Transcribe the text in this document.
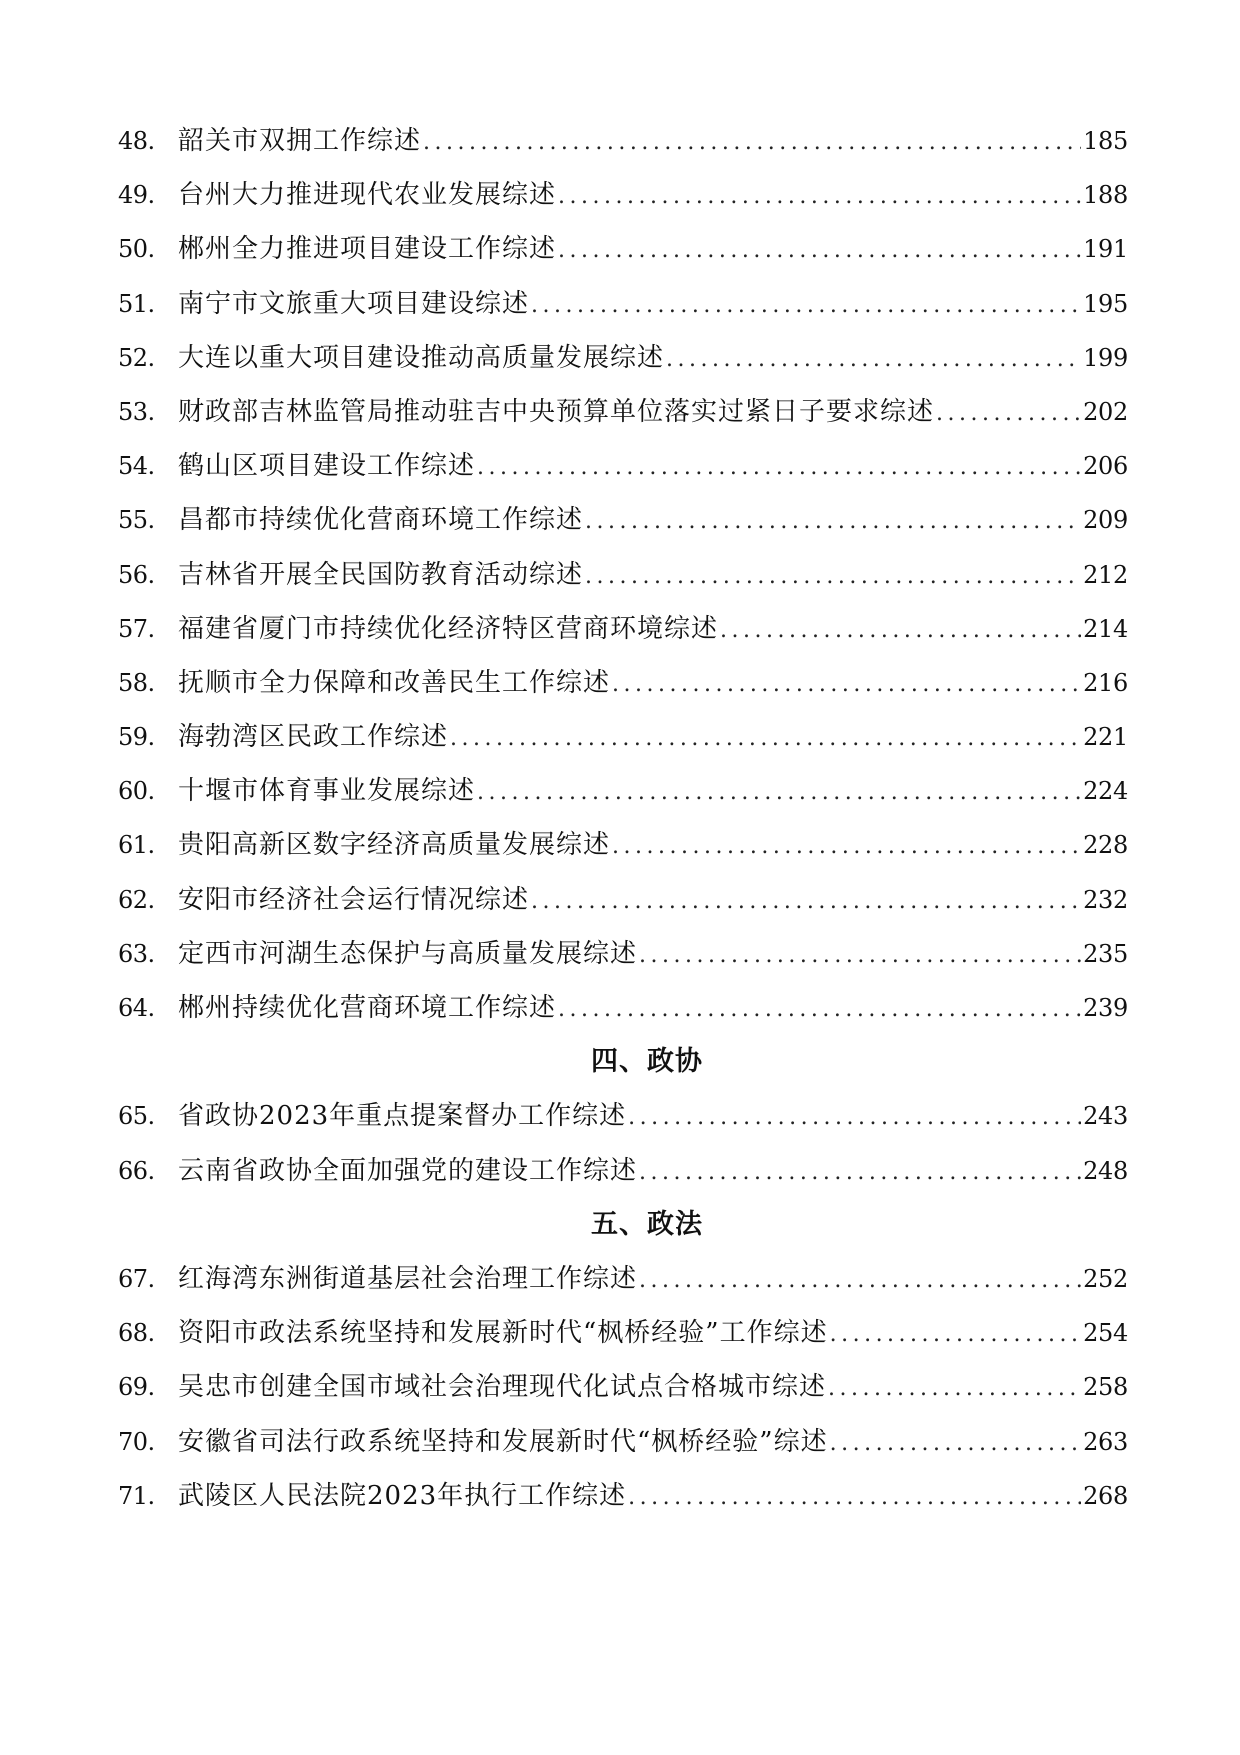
48. 韶关市双拥工作综述 .....	185
49. 台州大力推进现代农业发展综述 .....	188
50. 郴州全力推进项目建设工作综述 .....	191
51. 南宁市文旅重大项目建设综述 .....	195
52. 大连以重大项目建设推动高质量发展综述 .....	199
53. 财政部吉林监管局推动驻吉中央预算单位落实过紧日子要求综述 .....	202
54. 鹤山区项目建设工作综述 .....	206
55. 昌都市持续优化营商环境工作综述 .....	209
56. 吉林省开展全民国防教育活动综述 .....	212
57. 福建省厦门市持续优化经济特区营商环境综述 .....	214
58. 抚顺市全力保障和改善民生工作综述 .....	216
59. 海勃湾区民政工作综述 .....	221
60. 十堰市体育事业发展综述 .....	224
61. 贵阳高新区数字经济高质量发展综述 .....	228
62. 安阳市经济社会运行情况综述 .....	232
63. 定西市河湖生态保护与高质量发展综述 .....	235
64. 郴州持续优化营商环境工作综述 .....	239
四、政协
65. 省政协2023年重点提案督办工作综述 .....	243
66. 云南省政协全面加强党的建设工作综述 .....	248
五、政法
67. 红海湾东洲街道基层社会治理工作综述 .....	252
68. 资阳市政法系统坚持和发展新时代“枫桥经验”工作综述 .....	254
69. 吴忠市创建全国市域社会治理现代化试点合格城市综述 .....	258
70. 安徽省司法行政系统坚持和发展新时代“枫桥经验”综述 .....	263
71. 武陵区人民法院2023年执行工作综述 .....	268
